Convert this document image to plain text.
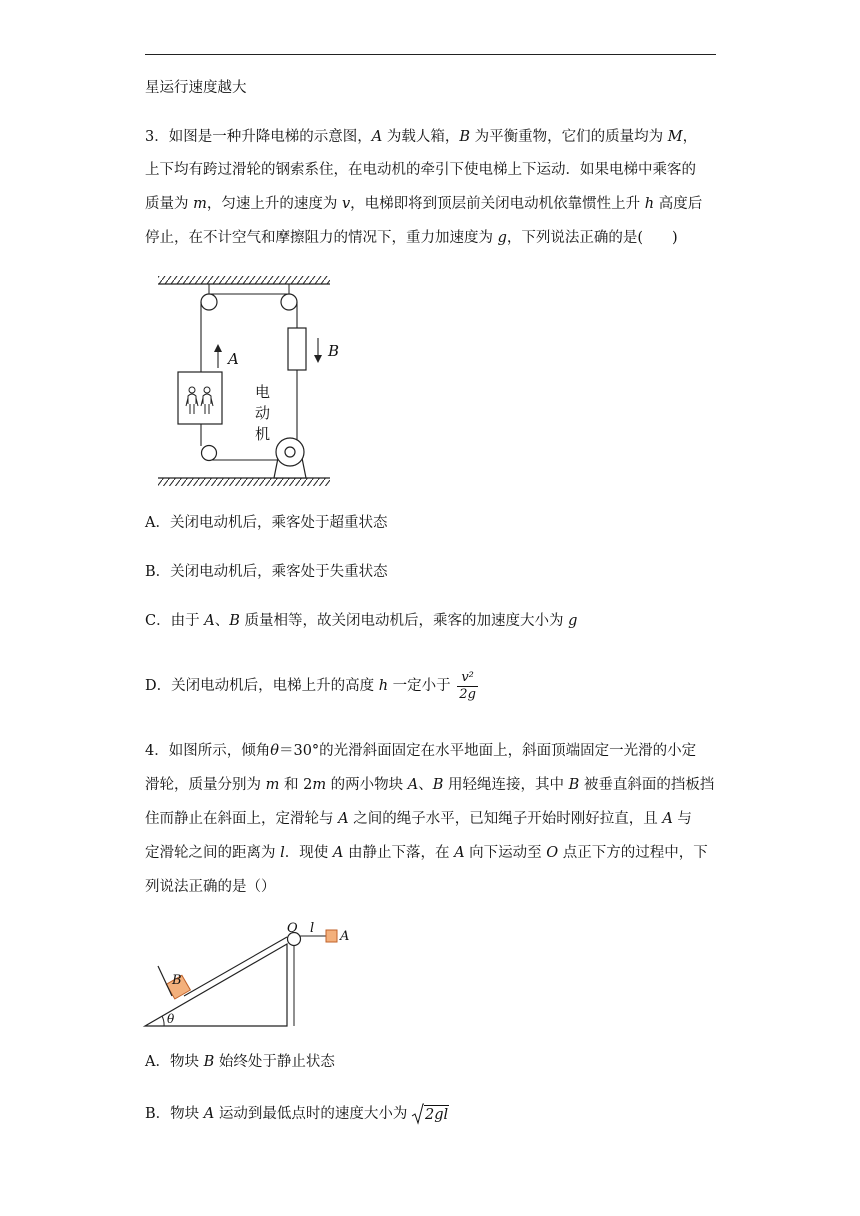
星运行速度越大
3．如图是一种升降电梯的示意图，A 为载人箱，B 为平衡重物，它们的质量均为 M，
上下均有跨过滑轮的钢索系住，在电动机的牵引下使电梯上下运动．如果电梯中乘客的
质量为 m，匀速上升的速度为 v，电梯即将到顶层前关闭电动机依靠惯性上升 h 高度后
停止，在不计空气和摩擦阻力的情况下，重力加速度为 g，下列说法正确的是(　　)
B
A
电
动
机
A．关闭电动机后，乘客处于超重状态
B．关闭电动机后，乘客处于失重状态
C．由于 A、B 质量相等，故关闭电动机后，乘客的加速度大小为 g
D．关闭电动机后，电梯上升的高度 h 一定小于 $\frac{\text{v²}}{2g}$
4．如图所示，倾角θ＝30°的光滑斜面固定在水平地面上，斜面顶端固定一光滑的小定
滑轮，质量分别为 m 和 2m 的两小物块 A、B 用轻绳连接，其中 B 被垂直斜面的挡板挡
住而静止在斜面上，定滑轮与 A 之间的绳子水平，已知绳子开始时刚好拉直，且 A 与
定滑轮之间的距离为 l．现使 A 由静止下落，在 A 向下运动至 O 点正下方的过程中，下
列说法正确的是（）
O l
A
B
θ
A．物块 B 始终处于静止状态
B．物块 A 运动到最低点时的速度大小为 2gl
